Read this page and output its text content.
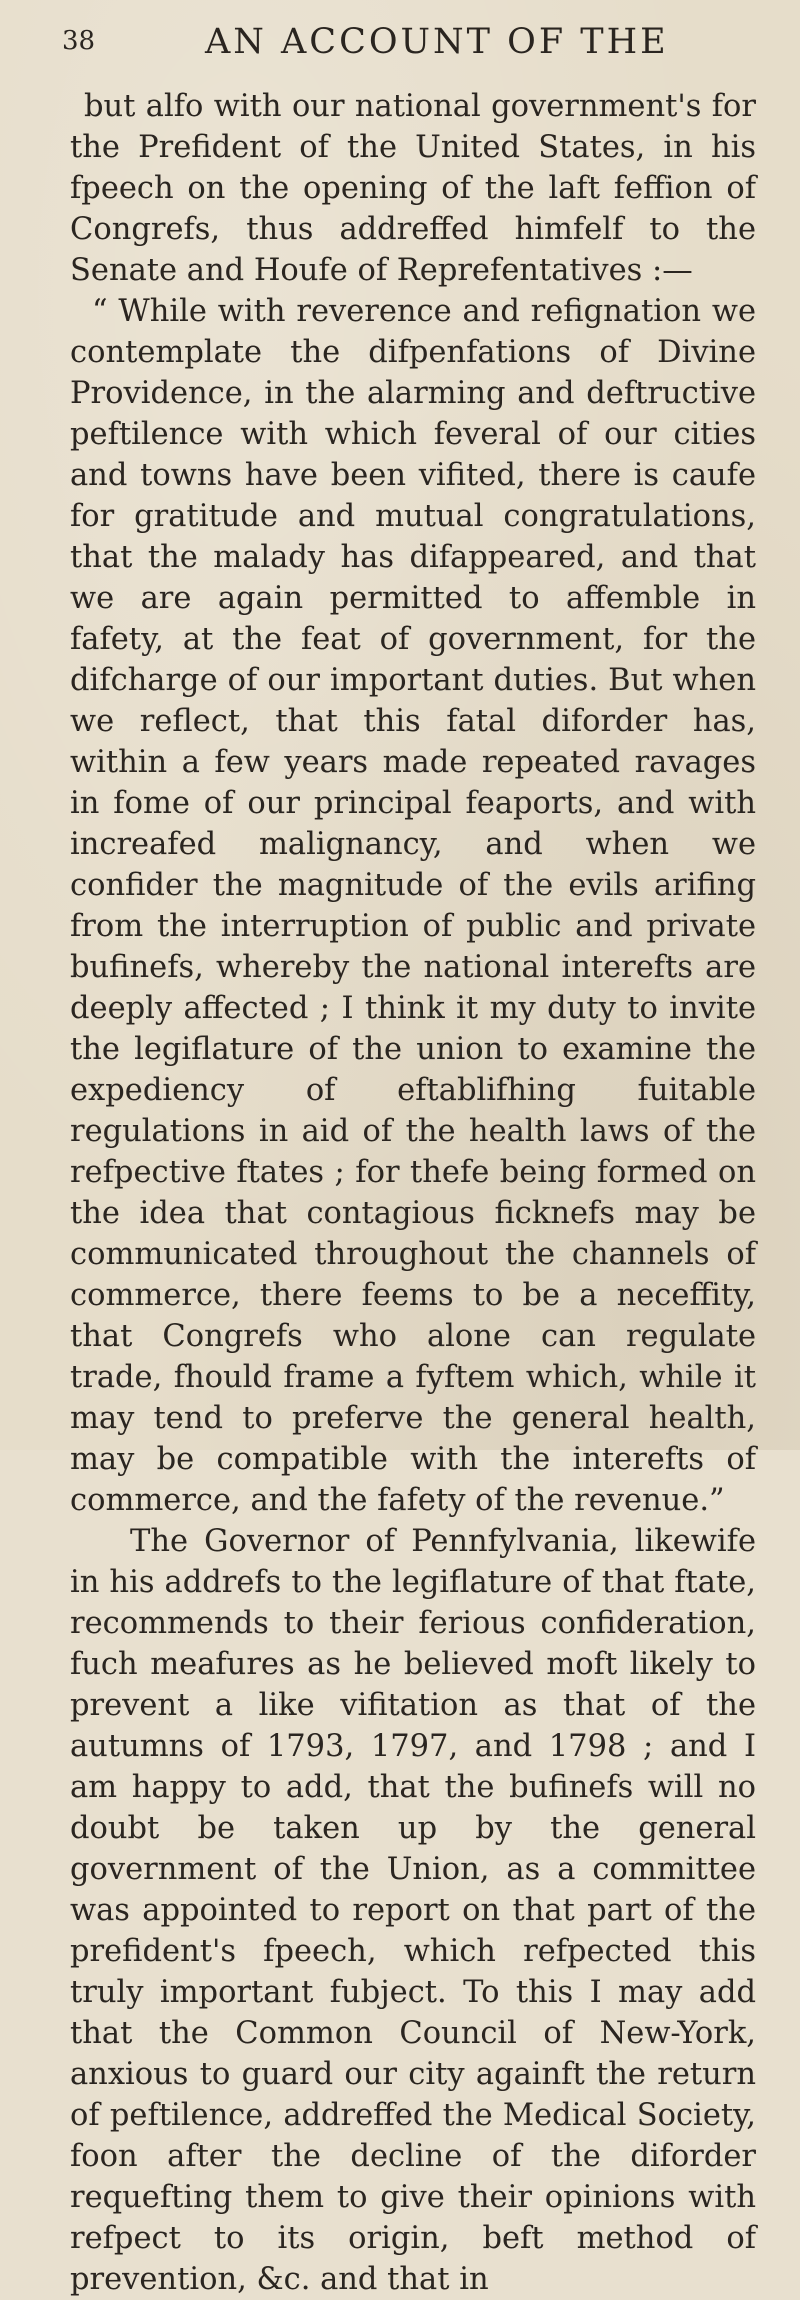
38	AN ACCOUNT OF THE

but alfo with our national government's for the Prefident of the United States, in his fpeech on the opening of the laft feffion of Congrefs, thus addreffed himfelf to the Senate and Houfe of Reprefentatives :—

“ While with reverence and refignation we contemplate the difpenfations of Divine Providence, in the alarming and deftructive peftilence with which feveral of our cities and towns have been vifited, there is caufe for gratitude and mutual congratulations, that the malady has difappeared, and that we are again permitted to affemble in fafety, at the feat of government, for the difcharge of our important duties. But when we reflect, that this fatal diforder has, within a few years made repeated ravages in fome of our principal feaports, and with increafed malignancy, and when we confider the magnitude of the evils arifing from the interruption of public and private bufinefs, whereby the national interefts are deeply affected ; I think it my duty to invite the legiflature of the union to examine the expediency of eftablifhing fuitable regulations in aid of the health laws of the refpective ftates ; for thefe being formed on the idea that contagious ficknefs may be communicated throughout the channels of commerce, there feems to be a neceffity, that Congrefs who alone can regulate trade, fhould frame a fyftem which, while it may tend to preferve the general health, may be compatible with the interefts of commerce, and the fafety of the revenue.”

The Governor of Pennfylvania, likewife in his addrefs to the legiflature of that ftate, recommends to their ferious confideration, fuch meafures as he believed moft likely to prevent a like vifitation as that of the autumns of 1793, 1797, and 1798 ; and I am happy to add, that the bufinefs will no doubt be taken up by the general government of the Union, as a committee was appointed to report on that part of the prefident's fpeech, which refpected this truly important fubject. To this I may add that the Common Council of New-York, anxious to guard our city againft the return of peftilence, addreffed the Medical Society, foon after the decline of the diforder requefting them to give their opinions with refpect to its origin, beft method of prevention, &c. and that in
